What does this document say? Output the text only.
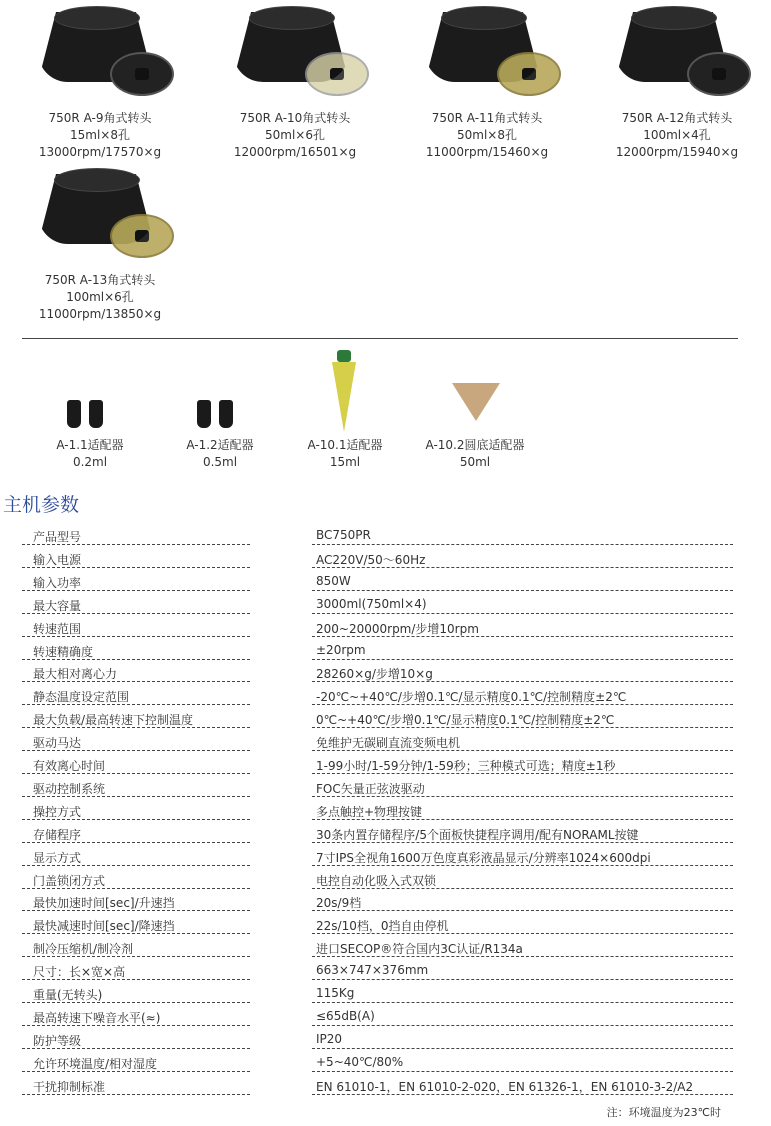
750R A-9角式转头
15ml×8孔
13000rpm/17570×g
750R A-10角式转头
50ml×6孔
12000rpm/16501×g
750R A-11角式转头
50ml×8孔
11000rpm/15460×g
750R A-12角式转头
100ml×4孔
12000rpm/15940×g
750R A-13角式转头
100ml×6孔
11000rpm/13850×g
A-1.1适配器
0.2ml
A-1.2适配器
0.5ml
A-10.1适配器
15ml
A-10.2圆底适配器
50ml
主机参数
产品型号	BC750PR
输入电源	AC220V/50～60Hz
输入功率	850W
最大容量	3000ml(750ml×4)
转速范围	200~20000rpm/步增10rpm
转速精确度	±20rpm
最大相对离心力	28260×g/步增10×g
静态温度设定范围	-20℃~+40℃/步增0.1℃/显示精度0.1℃/控制精度±2℃
最大负载/最高转速下控制温度	0℃~+40℃/步增0.1℃/显示精度0.1℃/控制精度±2℃
驱动马达	免维护无碳刷直流变频电机
有效离心时间	1-99小时/1-59分钟/1-59秒；三种模式可选；精度±1秒
驱动控制系统	FOC矢量正弦波驱动
操控方式	多点触控+物理按键
存储程序	30条内置存储程序/5个面板快捷程序调用/配有NORAML按键
显示方式	7寸IPS全视角1600万色度真彩液晶显示/分辨率1024×600dpi
门盖锁闭方式	电控自动化吸入式双锁
最快加速时间[sec]/升速挡	20s/9档
最快减速时间[sec]/降速挡	22s/10档，0挡自由停机
制冷压缩机/制冷剂	进口SECOP®符合国内3C认证/R134a
尺寸：长×宽×高	663×747×376mm
重量(无转头)	115Kg
最高转速下噪音水平(≈)	≤65dB(A)
防护等级	IP20
允许环境温度/相对湿度	+5~40℃/80%
干扰抑制标准	EN 61010-1，EN 61010-2-020，EN 61326-1，EN 61010-3-2/A2
注：环境温度为23℃时
